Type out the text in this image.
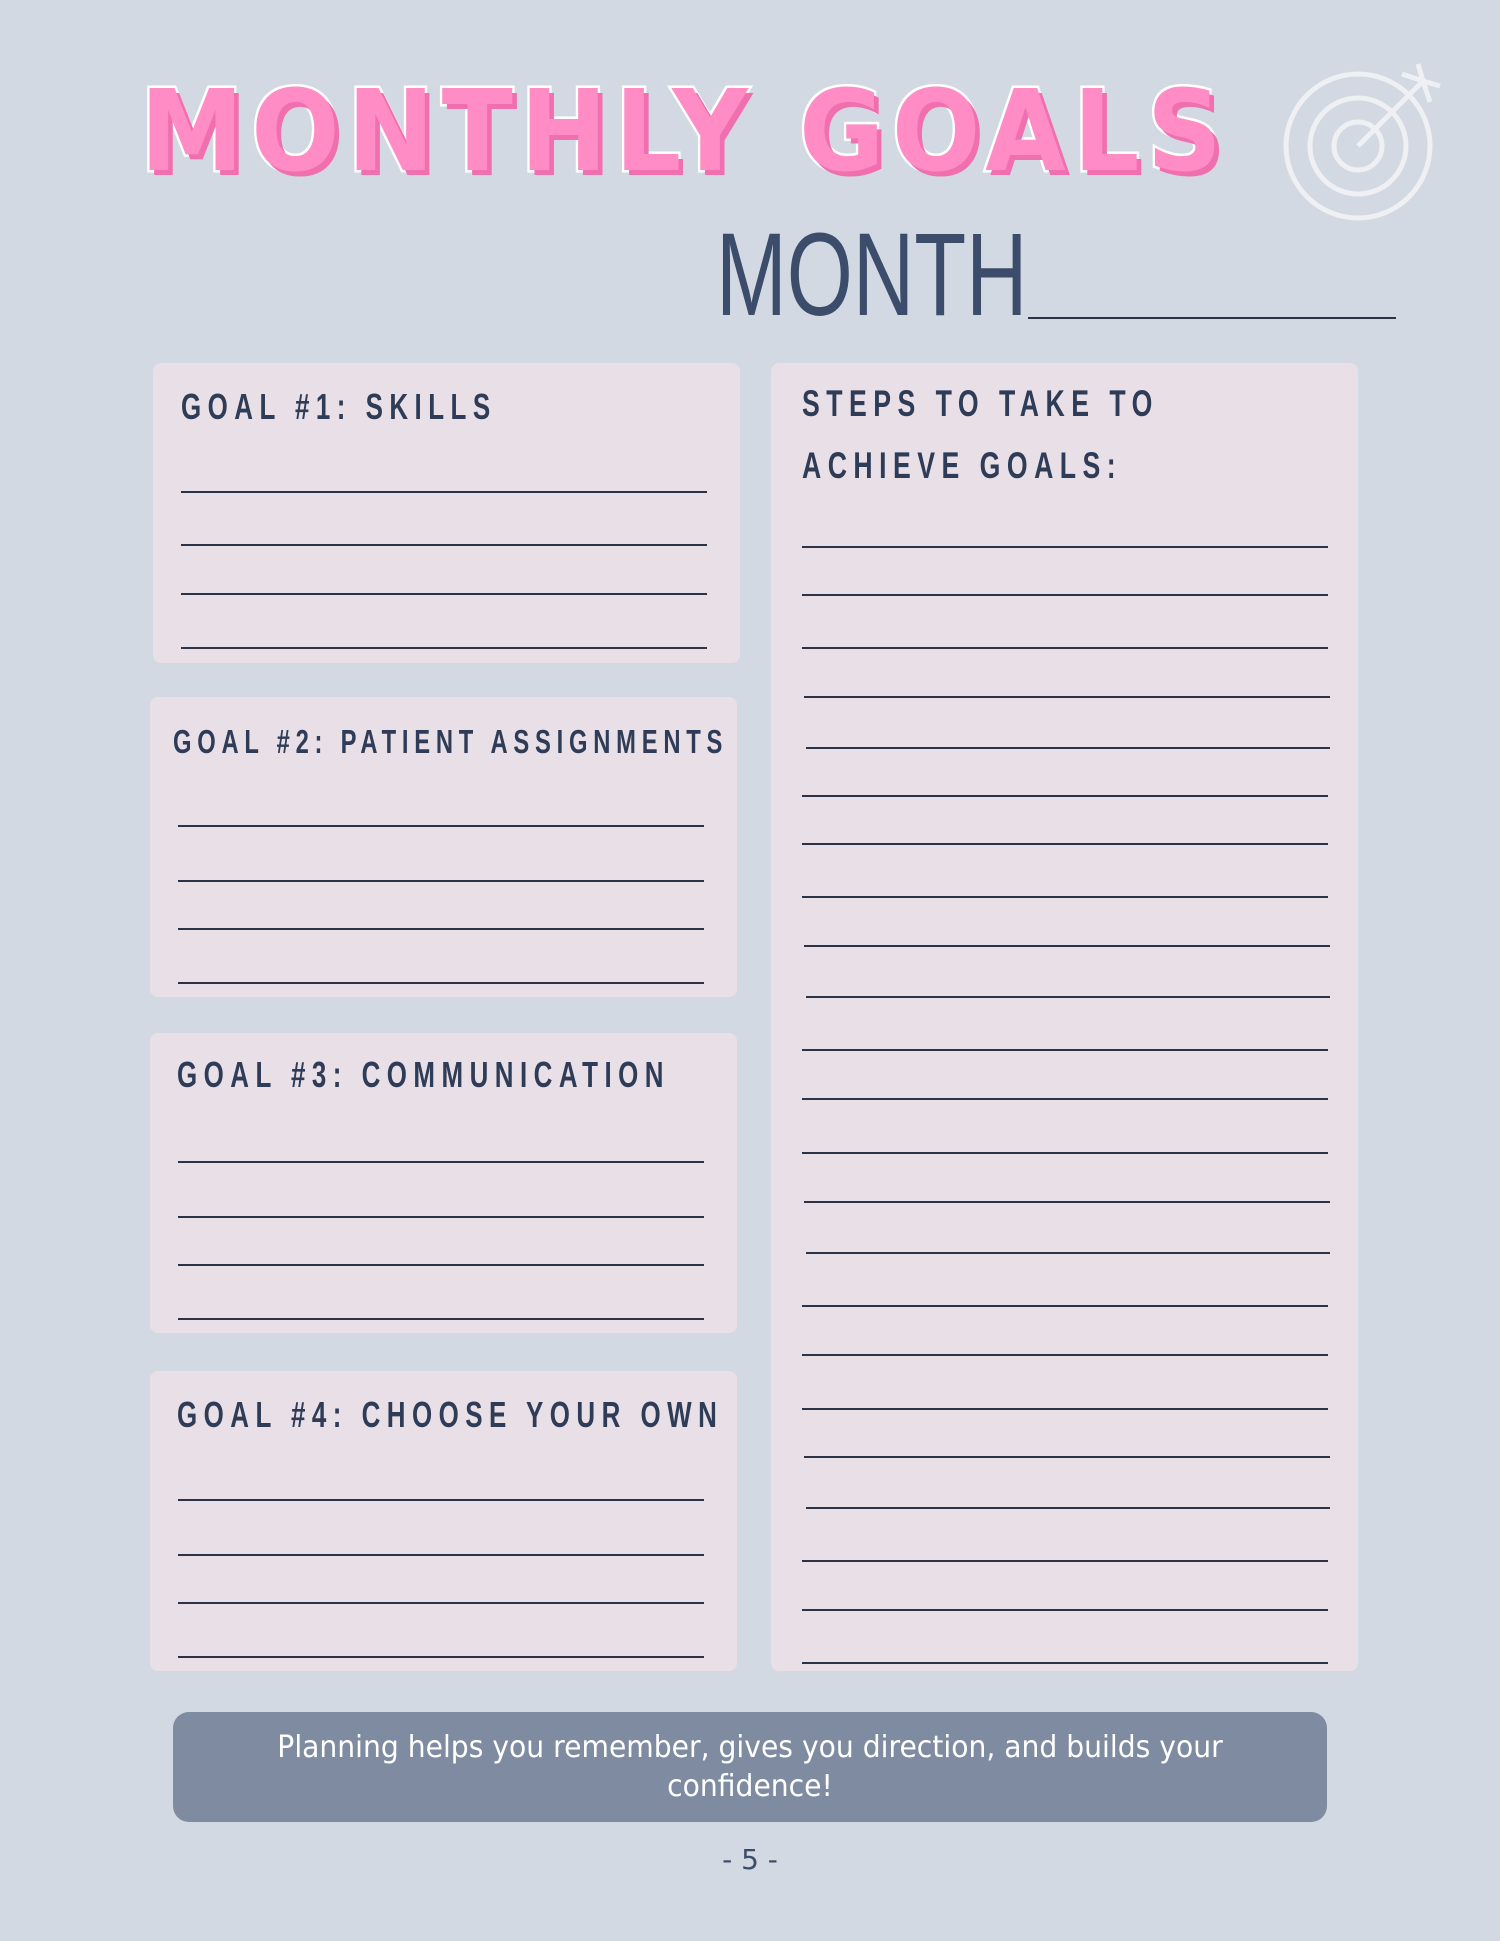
MONTHLY GOALS
MONTH
GOAL #1: SKILLS
GOAL #2: PATIENT ASSIGNMENTS
GOAL #3: COMMUNICATION
GOAL #4: CHOOSE YOUR OWN
STEPS TO TAKE TO
ACHIEVE GOALS:
Planning helps you remember, gives you direction, and builds your confidence!
- 5 -
